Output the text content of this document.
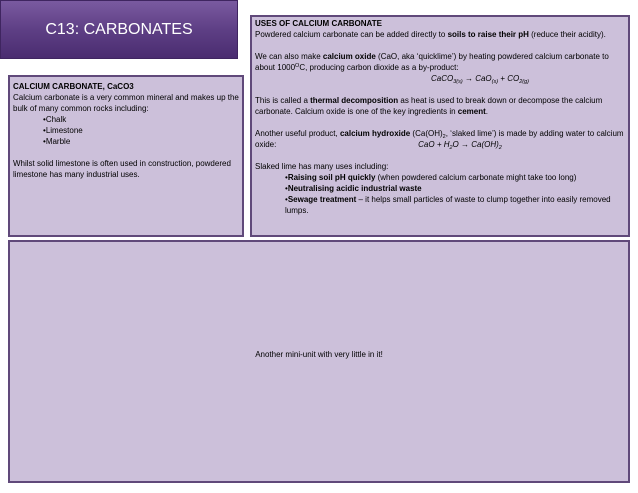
C13: CARBONATES

CALCIUM CARBONATE, CaCO3

Calcium carbonate is a very common mineral and makes up the bulk of many common rocks including:

• Chalk
• Limestone
• Marble

Whilst solid limestone is often used in construction, powdered limestone has many industrial uses.

USES OF CALCIUM CARBONATE

Powdered calcium carbonate can be added directly to soils to raise their pH (reduce their acidity).

We can also make calcium oxide (CaO, aka ‘quicklime’) by heating powdered calcium carbonate to about $1000^OC$, producing carbon dioxide as a by-product:

CaCO$_{3(s)}$ → $CaO_{(s)} + CO_{2(g)}$

This is called a thermal decomposition as heat is used to break down or decompose the calcium carbonate. Calcium oxide is one of the key ingredients in cement.

Another useful product, calcium hydroxide ($Ca(OH)_2$, ‘slaked lime’) is made by adding water to calcium oxide:	CaO + $H_2O \to Ca(OH)_2$

Slaked lime has many uses including:

• Raising soil pH quickly (when powdered calcium carbonate might take too long)
• Neutralising acidic industrial waste
• Sewage treatment – it helps small particles of waste to clump together into easily removed lumps.
Another mini-unit with very little in it!
